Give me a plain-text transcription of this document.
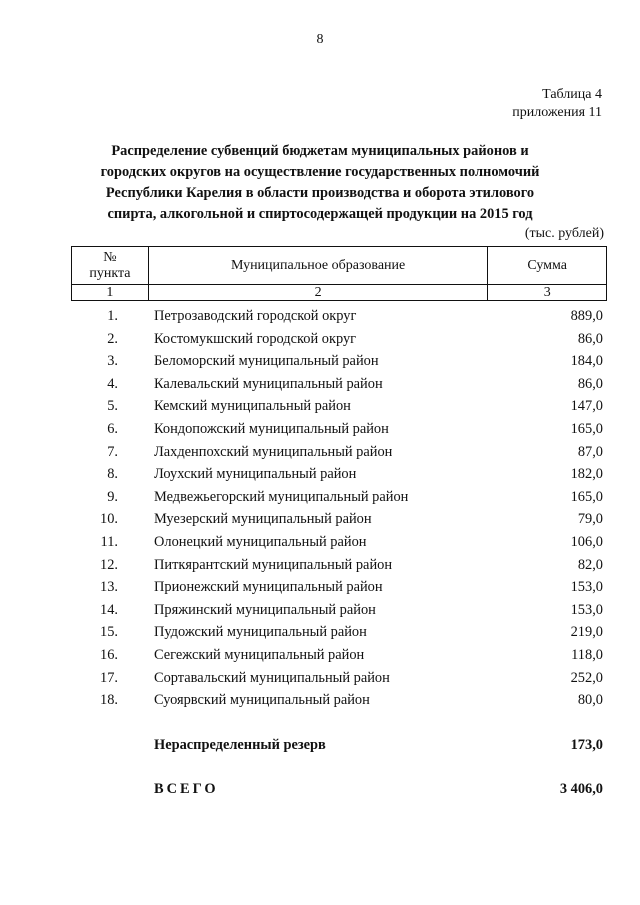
8
Таблица 4
приложения 11
Распределение субвенций бюджетам муниципальных районов и
городских округов на осуществление государственных полномочий
Республики Карелия в области производства и оборота этилового
спирта, алкогольной и спиртосодержащей продукции на 2015 год
(тыс. рублей)
№
пункта	Муниципальное образование	Сумма
1	2	3
1.	Петрозаводский городской округ	889,0
2.	Костомукшский городской округ	86,0
3.	Беломорский муниципальный район	184,0
4.	Калевальский муниципальный район	86,0
5.	Кемский муниципальный район	147,0
6.	Кондопожский муниципальный район	165,0
7.	Лахденпохский муниципальный район	87,0
8.	Лоухский муниципальный район	182,0
9.	Медвежьегорский муниципальный район	165,0
10.	Муезерский муниципальный район	79,0
11.	Олонецкий муниципальный район	106,0
12.	Питкярантский муниципальный район	82,0
13.	Прионежский муниципальный район	153,0
14.	Пряжинский муниципальный район	153,0
15.	Пудожский муниципальный район	219,0
16.	Сегежский муниципальный район	118,0
17.	Сортавальский муниципальный район	252,0
18.	Суоярвский муниципальный район	80,0
Нераспределенный резерв	173,0
ВСЕГО	3 406,0
